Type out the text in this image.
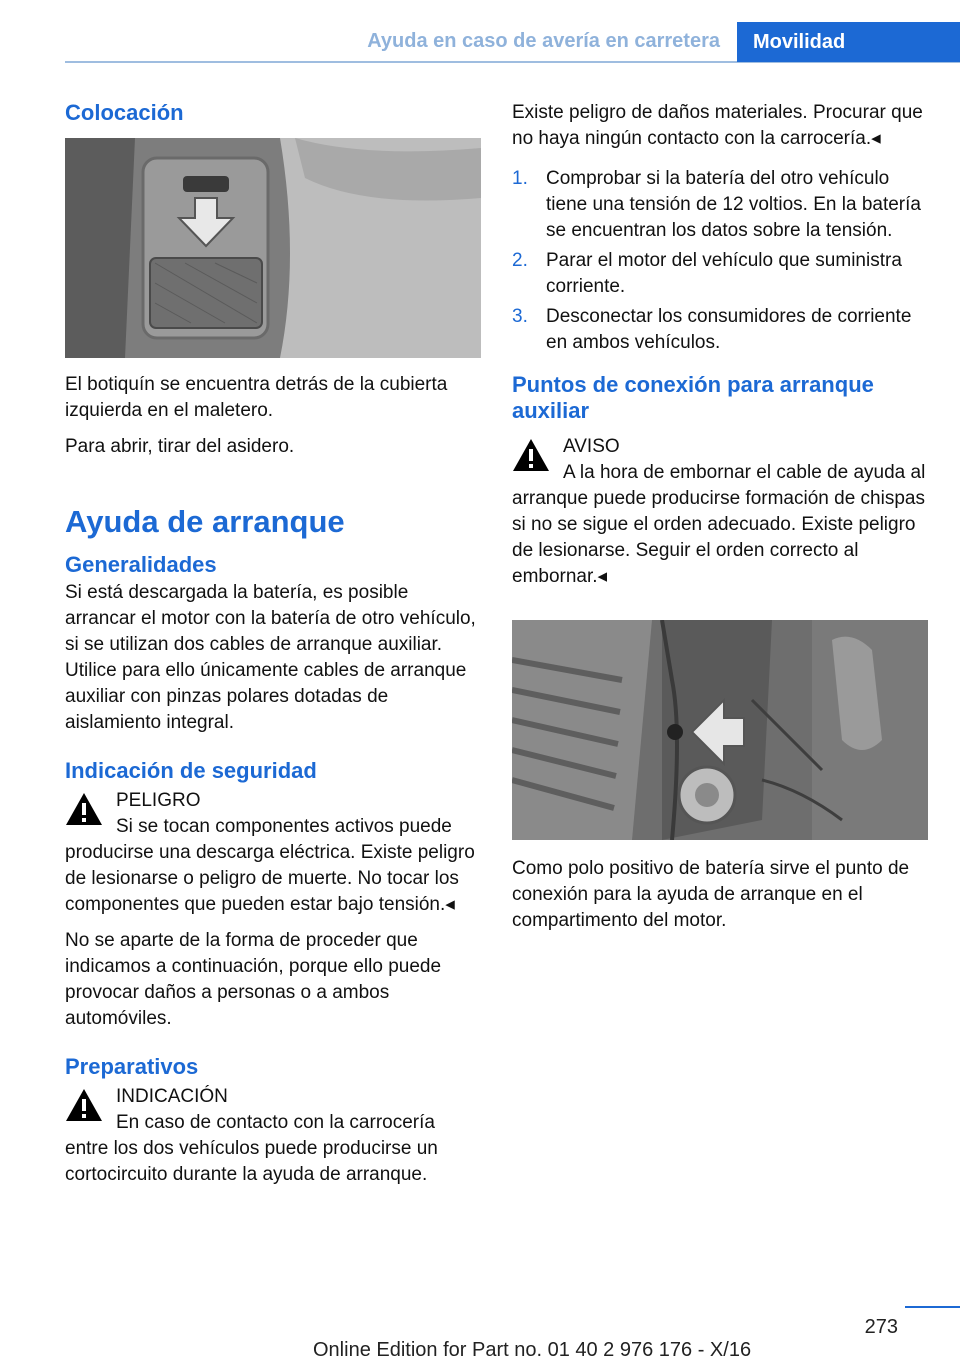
Ayuda en caso de avería en carretera Movilidad
Colocación

El botiquín se encuentra detrás de la cubierta izquierda en el maletero.

Para abrir, tirar del asidero.

Ayuda de arranque
Generalidades

Si está descargada la batería, es posible arrancar el motor con la batería de otro vehículo, si se utilizan dos cables de arranque auxiliar. Utilice para ello únicamente cables de arranque auxiliar con pinzas polares dotadas de aislamiento integral.

Indicación de seguridad
PELIGRO

Si se tocan componentes activos puede producirse una descarga eléctrica. Existe peligro de lesionarse o peligro de muerte. No tocar los componentes que pueden estar bajo tensión.◂

No se aparte de la forma de proceder que indicamos a continuación, porque ello puede provocar daños a personas o a ambos automóviles.

Preparativos
INDICACIÓN

En caso de contacto con la carrocería entre los dos vehículos puede producirse un cortocircuito durante la ayuda de arranque.

Existe peligro de daños materiales. Procurar que no haya ningún contacto con la carrocería.◂

1. Comprobar si la batería del otro vehículo tiene una tensión de 12 voltios. En la batería se encuentran los datos sobre la tensión.
2. Parar el motor del vehículo que suministra corriente.
3. Desconectar los consumidores de corriente en ambos vehículos.
Puntos de conexión para arranque auxiliar
AVISO

A la hora de embornar el cable de ayuda al arranque puede producirse formación de chispas si no se sigue el orden adecuado. Existe peligro de lesionarse. Seguir el orden correcto al embornar.◂

Como polo positivo de batería sirve el punto de conexión para la ayuda de arranque en el compartimento del motor.

273
Online Edition for Part no. 01 40 2 976 176 - X/16
